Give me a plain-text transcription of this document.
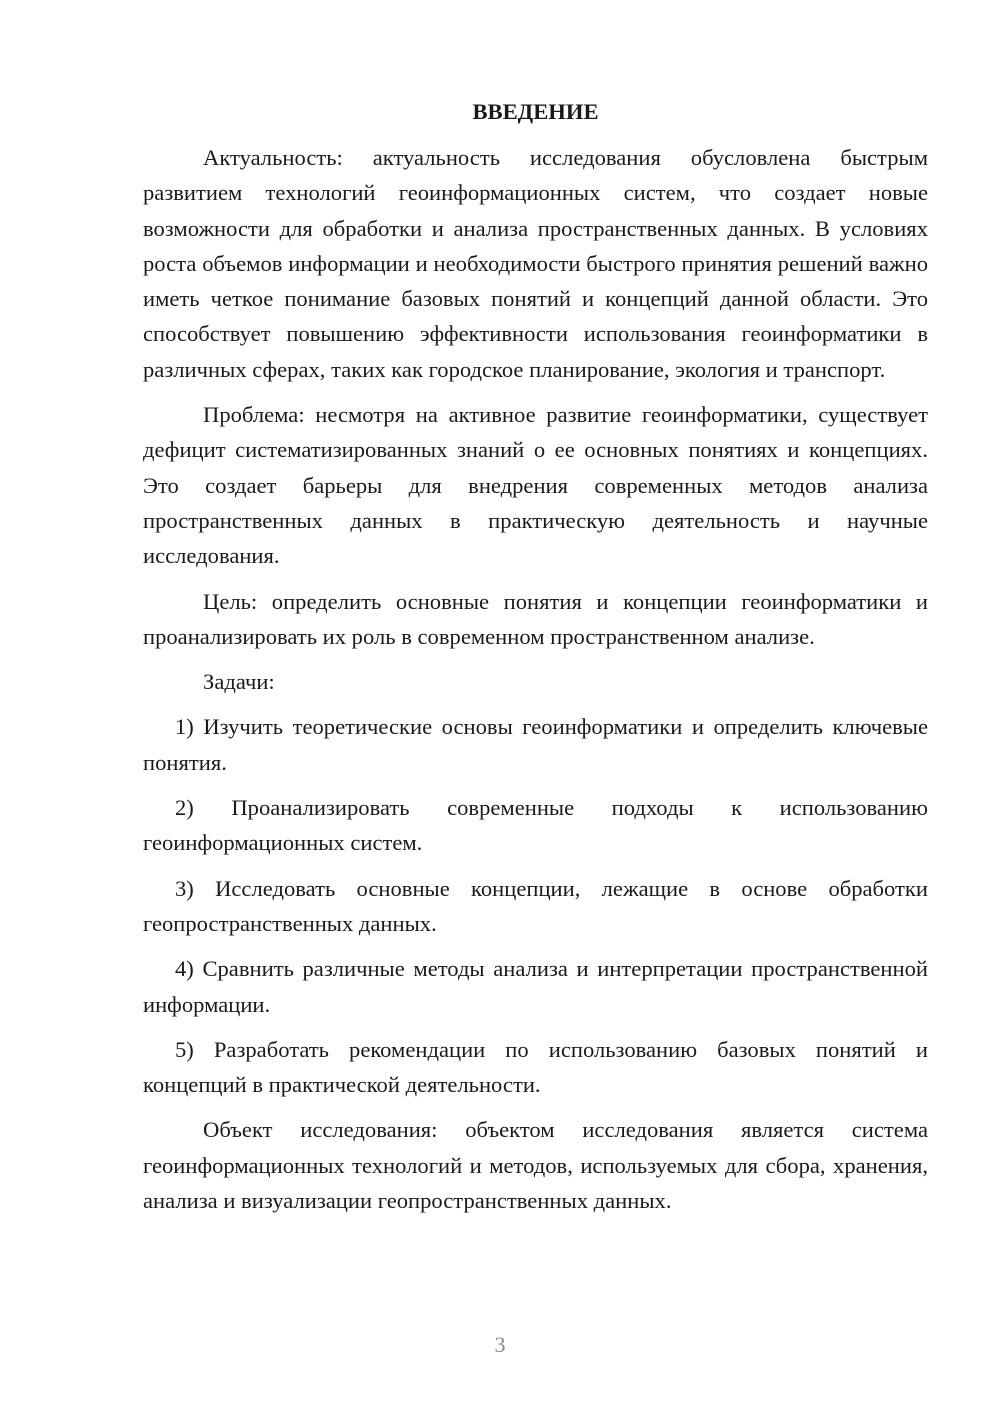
ВВЕДЕНИЕ

Актуальность: актуальность исследования обусловлена быстрым развитием технологий геоинформационных систем, что создает новые возможности для обработки и анализа пространственных данных. В условиях роста объемов информации и необходимости быстрого принятия решений важно иметь четкое понимание базовых понятий и концепций данной области. Это способствует повышению эффективности использования геоинформатики в различных сферах, таких как городское планирование, экология и транспорт.

Проблема: несмотря на активное развитие геоинформатики, существует дефицит систематизированных знаний о ее основных понятиях и концепциях. Это создает барьеры для внедрения современных методов анализа пространственных данных в практическую деятельность и научные исследования.

Цель: определить основные понятия и концепции геоинформатики и проанализировать их роль в современном пространственном анализе.

Задачи:

1) Изучить теоретические основы геоинформатики и определить ключевые понятия.

2) Проанализировать современные подходы к использованию геоинформационных систем.

3) Исследовать основные концепции, лежащие в основе обработки геопространственных данных.

4) Сравнить различные методы анализа и интерпретации пространственной информации.

5) Разработать рекомендации по использованию базовых понятий и концепций в практической деятельности.

Объект исследования: объектом исследования является система геоинформационных технологий и методов, используемых для сбора, хранения, анализа и визуализации геопространственных данных.

3
